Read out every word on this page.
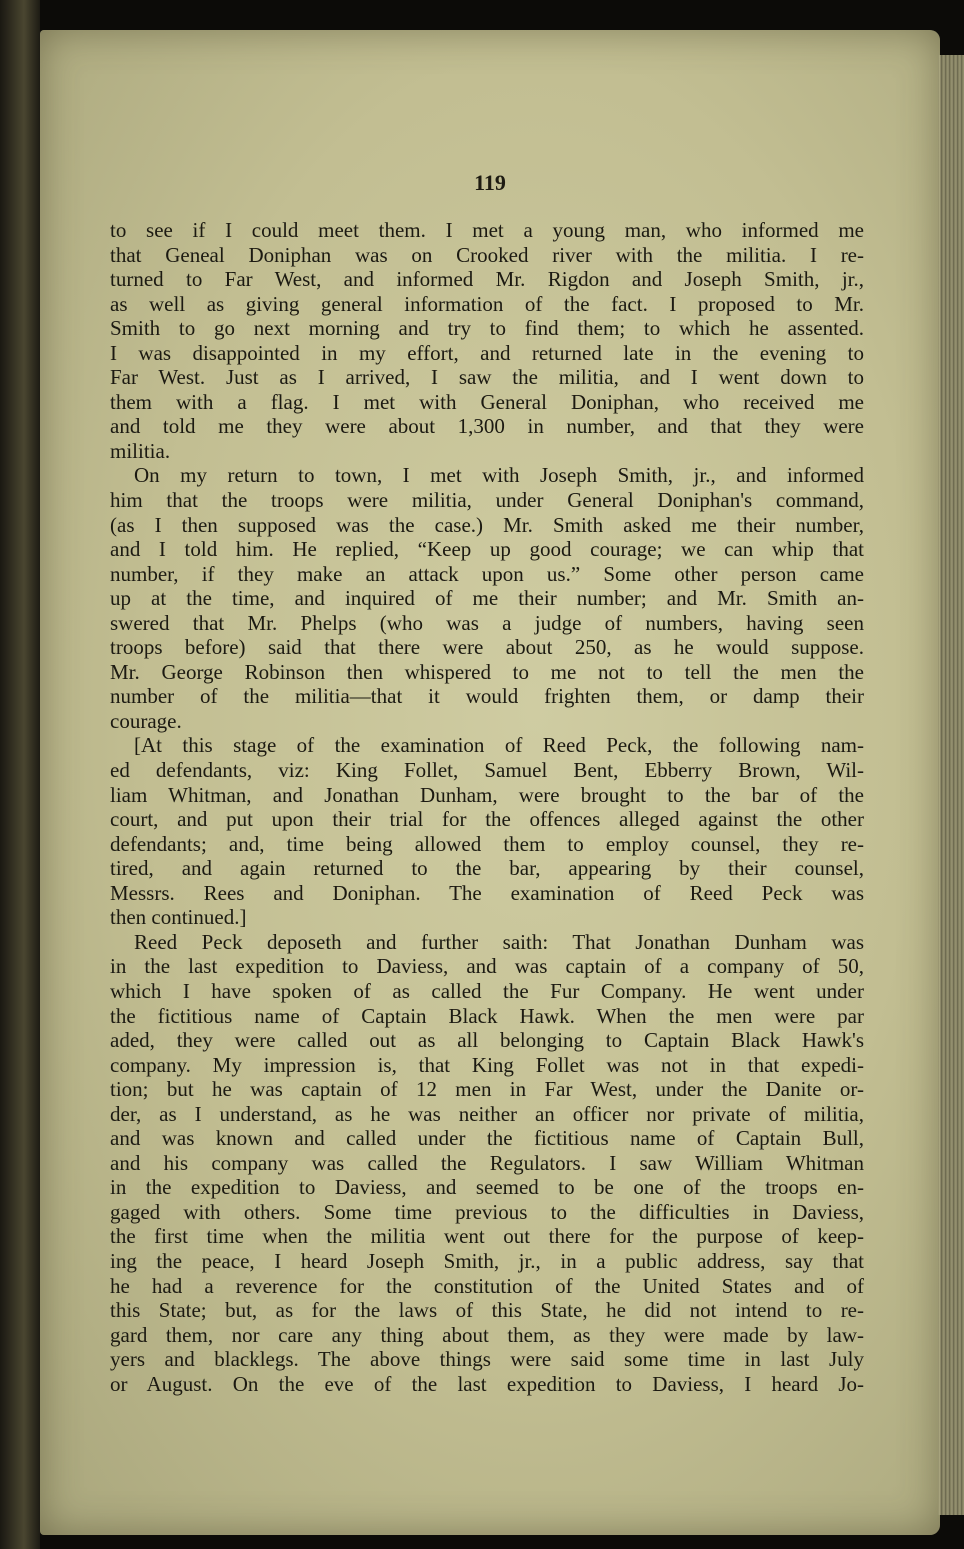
119
to see if I could meet them. I met a young man, who informed me
that Geneal Doniphan was on Crooked river with the militia. I re-
turned to Far West, and informed Mr. Rigdon and Joseph Smith, jr.,
as well as giving general information of the fact. I proposed to Mr.
Smith to go next morning and try to find them; to which he assented.
I was disappointed in my effort, and returned late in the evening to
Far West. Just as I arrived, I saw the militia, and I went down to
them with a flag. I met with General Doniphan, who received me
and told me they were about 1,300 in number, and that they were
militia.
On my return to town, I met with Joseph Smith, jr., and informed
him that the troops were militia, under General Doniphan's command,
(as I then supposed was the case.) Mr. Smith asked me their number,
and I told him. He replied, “Keep up good courage; we can whip that
number, if they make an attack upon us.” Some other person came
up at the time, and inquired of me their number; and Mr. Smith an-
swered that Mr. Phelps (who was a judge of numbers, having seen
troops before) said that there were about 250, as he would suppose.
Mr. George Robinson then whispered to me not to tell the men the
number of the militia—that it would frighten them, or damp their
courage.
[At this stage of the examination of Reed Peck, the following nam-
ed defendants, viz: King Follet, Samuel Bent, Ebberry Brown, Wil-
liam Whitman, and Jonathan Dunham, were brought to the bar of the
court, and put upon their trial for the offences alleged against the other
defendants; and, time being allowed them to employ counsel, they re-
tired, and again returned to the bar, appearing by their counsel,
Messrs. Rees and Doniphan. The examination of Reed Peck was
then continued.]
Reed Peck deposeth and further saith: That Jonathan Dunham was
in the last expedition to Daviess, and was captain of a company of 50,
which I have spoken of as called the Fur Company. He went under
the fictitious name of Captain Black Hawk. When the men were par
aded, they were called out as all belonging to Captain Black Hawk's
company. My impression is, that King Follet was not in that expedi-
tion; but he was captain of 12 men in Far West, under the Danite or-
der, as I understand, as he was neither an officer nor private of militia,
and was known and called under the fictitious name of Captain Bull,
and his company was called the Regulators. I saw William Whitman
in the expedition to Daviess, and seemed to be one of the troops en-
gaged with others. Some time previous to the difficulties in Daviess,
the first time when the militia went out there for the purpose of keep-
ing the peace, I heard Joseph Smith, jr., in a public address, say that
he had a reverence for the constitution of the United States and of
this State; but, as for the laws of this State, he did not intend to re-
gard them, nor care any thing about them, as they were made by law-
yers and blacklegs. The above things were said some time in last July
or August. On the eve of the last expedition to Daviess, I heard Jo-
